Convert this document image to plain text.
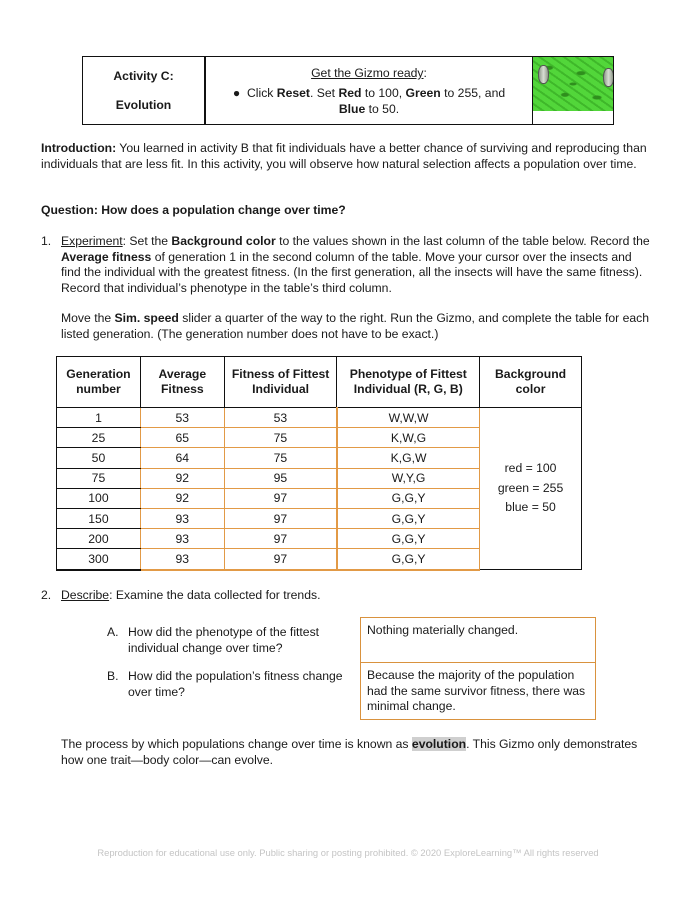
Activity C:
Evolution
Get the Gizmo ready:
●  Click Reset. Set Red to 100, Green to 255, and
Blue to 50.
Introduction: You learned in activity B that fit individuals have a better chance of surviving and reproducing than individuals that are less fit. In this activity, you will observe how natural selection affects a population over time.
Question: How does a population change over time?
1. Experiment: Set the Background color to the values shown in the last column of the table below. Record the Average fitness of generation 1 in the second column of the table. Move your cursor over the insects and find the individual with the greatest fitness. (In the first generation, all the insects will have the same fitness). Record that individual’s phenotype in the table’s third column.
Move the Sim. speed slider a quarter of the way to the right. Run the Gizmo, and complete the table for each listed generation. (The generation number does not have to be exact.)
Generation number	Average Fitness	Fitness of Fittest Individual	Phenotype of Fittest Individual (R, G, B)	Background color
1	53	53	W,W,W	red = 100
green = 255
blue = 50

25	65	75	K,W,G	
50	64	75	K,G,W	
75	92	95	W,Y,G	
100	92	97	G,G,Y	
150	93	97	G,G,Y	
200	93	97	G,G,Y	
300	93	97	G,G,Y	
2. Describe: Examine the data collected for trends.
A. How did the phenotype of the fittest individual change over time?
Nothing materially changed.
B. How did the population’s fitness change over time?
Because the majority of the population had the same survivor fitness, there was minimal change.
The process by which populations change over time is known as evolution. This Gizmo only demonstrates how one trait—body color—can evolve.
Reproduction for educational use only. Public sharing or posting prohibited. © 2020 ExploreLearning™ All rights reserved
